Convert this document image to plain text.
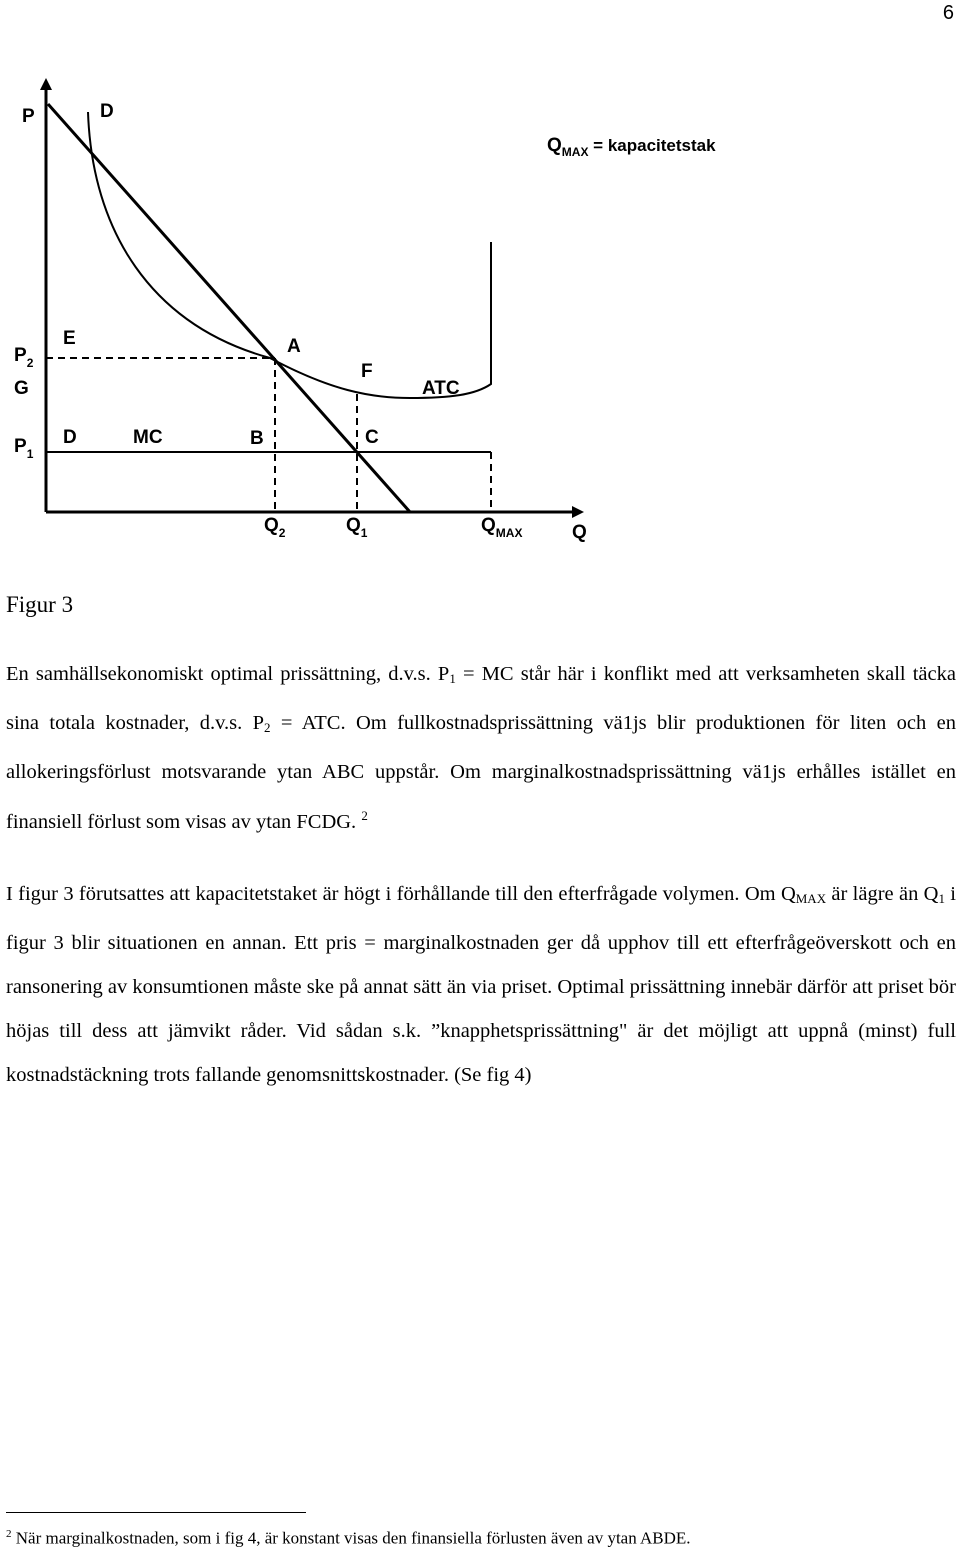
6
P	D
$Q_{MAX}$ = kapacitetstak
E	A
F
ATC
$P_2$
G
D	MC	B	C
$P_1$
$Q_2$	$Q_1$	$Q_{MAX}$	Q
Figur 3

En samhällsekonomiskt optimal prissättning, d.v.s. $P_1$ = MC står här i konflikt med att verksamheten skall täcka sina totala kostnader, d.v.s. $P_2$ = ATC. Om fullkostnadsprissättning vä1js blir produktionen för liten och en allokeringsförlust motsvarande ytan ABC uppstår. Om marginalkostnadsprissättning vä1js erhålles istället en finansiell förlust som visas av ytan FCDG. $^2$

I figur 3 förutsattes att kapacitetstaket är högt i förhållande till den efterfrågade volymen. Om $Q_{MAX}$ är lägre än $Q_1$ i figur 3 blir situationen en annan. Ett pris = marginalkostnaden ger då upphov till ett efterfrågeöverskott och en ransonering av konsumtionen måste ske på annat sätt än via priset. Optimal prissättning innebär därför att priset bör höjas till dess att jämvikt råder. Vid sådan s.k. ”knapphetsprissättning" är det möjligt att uppnå (minst) full kostnadstäckning trots fallande genomsnittskostnader. (Se fig 4)

$^2$ När marginalkostnaden, som i fig 4, är konstant visas den finansiella förlusten även av ytan ABDE.
